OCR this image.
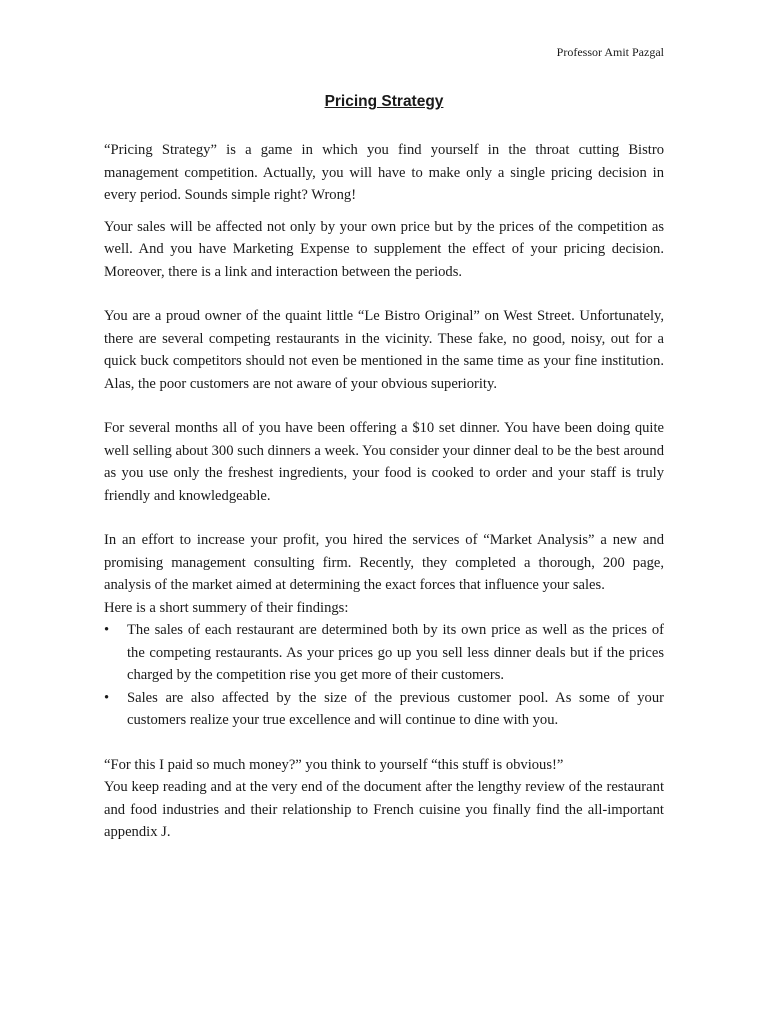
Professor Amit Pazgal
Pricing Strategy

“Pricing Strategy” is a game in which you find yourself in the throat cutting Bistro management competition. Actually, you will have to make only a single pricing decision in every period. Sounds simple right? Wrong!

Your sales will be affected not only by your own price but by the prices of the competition as well. And you have Marketing Expense to supplement the effect of your pricing decision. Moreover, there is a link and interaction between the periods.

You are a proud owner of the quaint little “Le Bistro Original” on West Street. Unfortunately, there are several competing restaurants in the vicinity. These fake, no good, noisy, out for a quick buck competitors should not even be mentioned in the same time as your fine institution. Alas, the poor customers are not aware of your obvious superiority.

For several months all of you have been offering a $10 set dinner. You have been doing quite well selling about 300 such dinners a week. You consider your dinner deal to be the best around as you use only the freshest ingredients, your food is cooked to order and your staff is truly friendly and knowledgeable.

In an effort to increase your profit, you hired the services of “Market Analysis” a new and promising management consulting firm. Recently, they completed a thorough, 200 page, analysis of the market aimed at determining the exact forces that influence your sales.

Here is a short summery of their findings:

•	The sales of each restaurant are determined both by its own price as well as the prices of the competing restaurants. As your prices go up you sell less dinner deals but if the prices charged by the competition rise you get more of their customers.
•	Sales are also affected by the size of the previous customer pool. As some of your customers realize your true excellence and will continue to dine with you.

“For this I paid so much money?” you think to yourself “this stuff is obvious!”

You keep reading and at the very end of the document after the lengthy review of the restaurant and food industries and their relationship to French cuisine you finally find the all-important appendix J.
